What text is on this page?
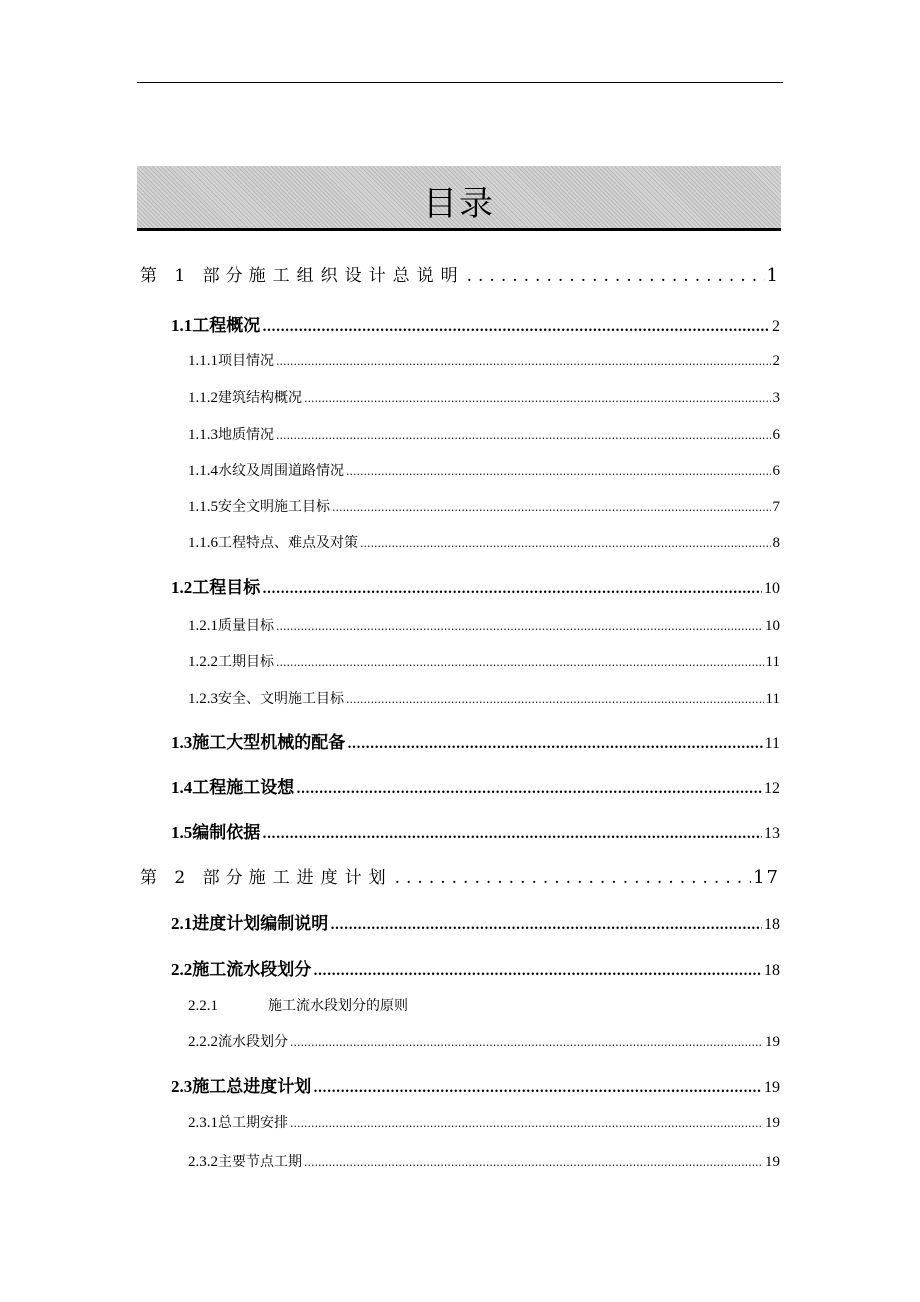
目录
第 1 部分 施工组织设计总说明 .....	1
1.1 工程概况 .....	2
1.1.1 项目情况 .....	2
1.1.2 建筑结构概况 .....	3
1.1.3 地质情况 .....	6
1.1.4 水纹及周围道路情况 .....	6
1.1.5 安全文明施工目标 .....	7
1.1.6 工程特点、难点及对策 .....	8
1.2 工程目标 .....	10
1.2.1 质量目标 .....	10
1.2.2 工期目标 .....	11
1.2.3 安全、文明施工目标 .....	11
1.3 施工大型机械的配备 .....	11
1.4 工程施工设想 .....	12
1.5 编制依据 .....	13
第 2 部分 施工进度计划 .....	17
2.1 进度计划编制说明 .....	18
2.2 施工流水段划分 .....	18
2.2.1	施工流水段划分的原则
2.2.2 流水段划分 .....	19
2.3 施工总进度计划 .....	19
2.3.1 总工期安排 .....	19
2.3.2 主要节点工期 .....	19
